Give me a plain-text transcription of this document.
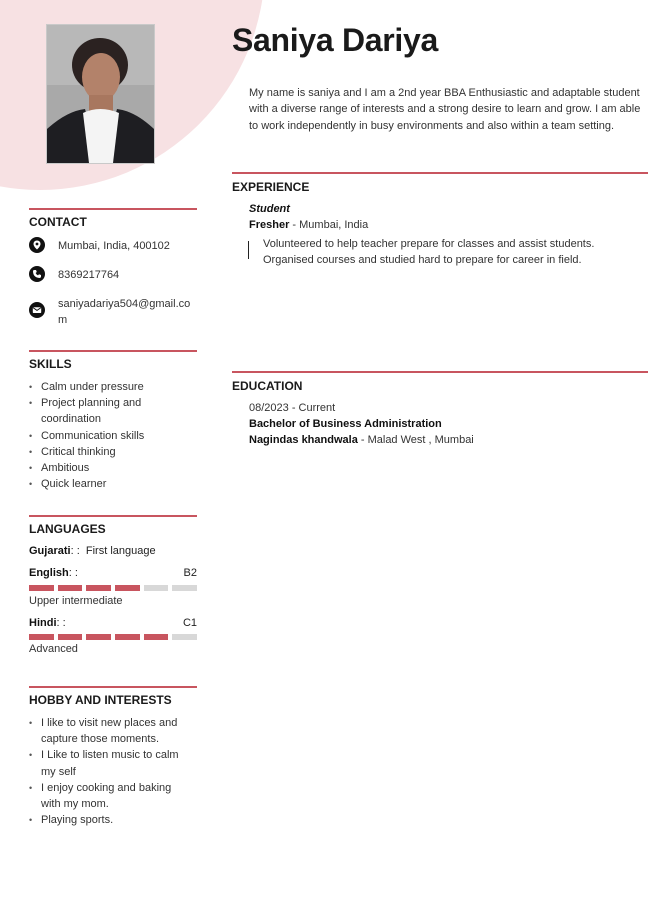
Saniya Dariya

My name is saniya and I am a 2nd year BBA Enthusiastic and adaptable student with a diverse range of interests and a strong desire to learn and grow. I am able to work independently in busy environments and also within a team setting.

CONTACT
Mumbai, India, 400102
8369217764
saniyadariya504@gmail.co
m
SKILLS
• Calm under pressure
• Project planning and
coordination
• Communication skills
• Critical thinking
• Ambitious
• Quick learner
LANGUAGES
Gujarati: : First language
English: :	B2
Upper intermediate
Hindi: :	C1
Advanced
HOBBY AND INTERESTS
• I like to visit new places and
capture those moments.
• I Like to listen music to calm
my self
• I enjoy cooking and baking
with my mom.
• Playing sports.
EXPERIENCE
Student
Fresher - Mumbai, India
Volunteered to help teacher prepare for classes and assist students.
Organised courses and studied hard to prepare for career in field.
EDUCATION
08/2023 - Current
Bachelor of Business Administration
Nagindas khandwala - Malad West , Mumbai
